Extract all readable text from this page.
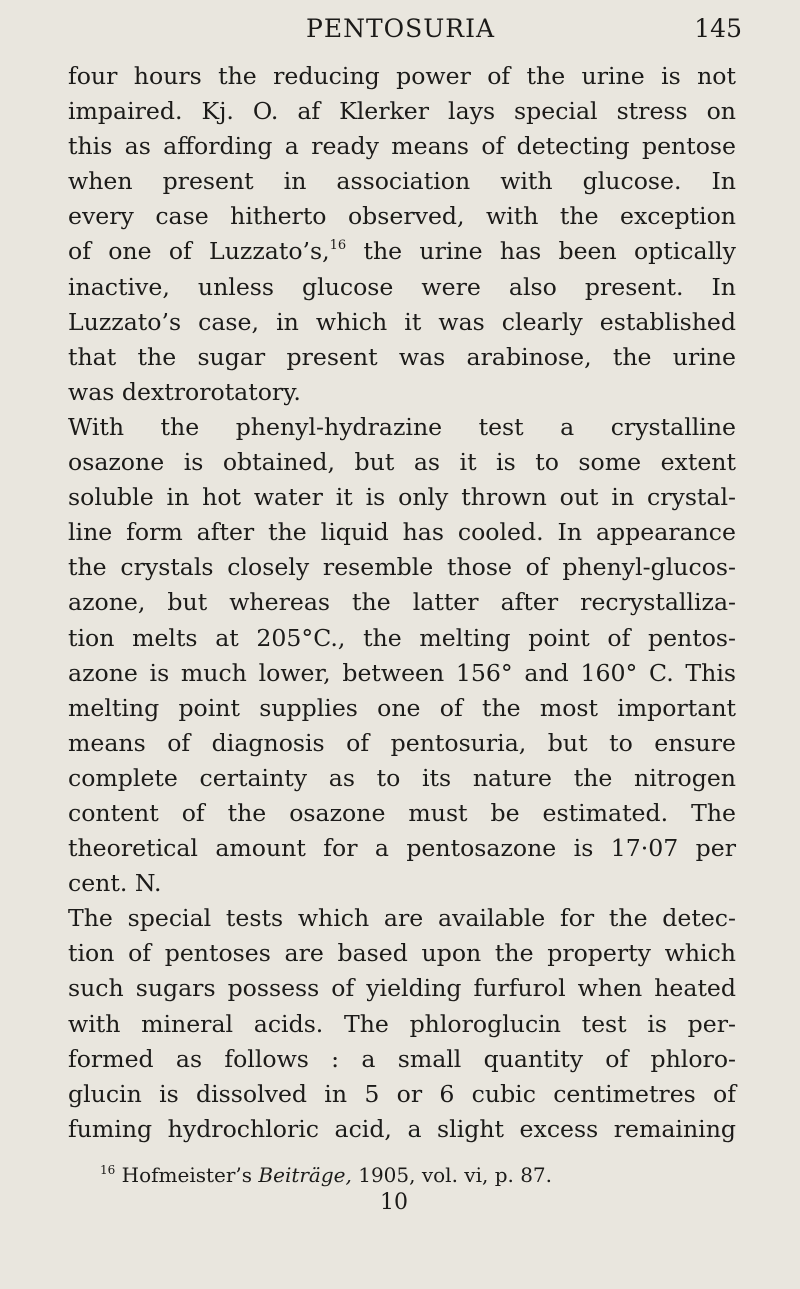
PENTOSURIA	145
four hours the reducing power of the urine is not
impaired. Kj. O. af Klerker lays special stress on
this as affording a ready means of detecting pentose
when present in association with glucose. In
every case hitherto observed, with the exception
of one of Luzzato’s,$^{16}$ the urine has been optically
inactive, unless glucose were also present. In
Luzzato’s case, in which it was clearly established
that the sugar present was arabinose, the urine
was dextrorotatory.
With the phenyl-hydrazine test a crystalline
osazone is obtained, but as it is to some extent
soluble in hot water it is only thrown out in crystal-
line form after the liquid has cooled. In appearance
the crystals closely resemble those of phenyl-glucos-
azone, but whereas the latter after recrystalliza-
tion melts at 205°C., the melting point of pentos-
azone is much lower, between 156° and 160° C. This
melting point supplies one of the most important
means of diagnosis of pentosuria, but to ensure
complete certainty as to its nature the nitrogen
content of the osazone must be estimated. The
theoretical amount for a pentosazone is 17·07 per
cent. N.
The special tests which are available for the detec-
tion of pentoses are based upon the property which
such sugars possess of yielding furfurol when heated
with mineral acids. The phloroglucin test is per-
formed as follows : a small quantity of phloro-
glucin is dissolved in 5 or 6 cubic centimetres of
fuming hydrochloric acid, a slight excess remaining
$^{16}$ Hofmeister’s Beiträge, 1905, vol. vi, p. 87.
10
